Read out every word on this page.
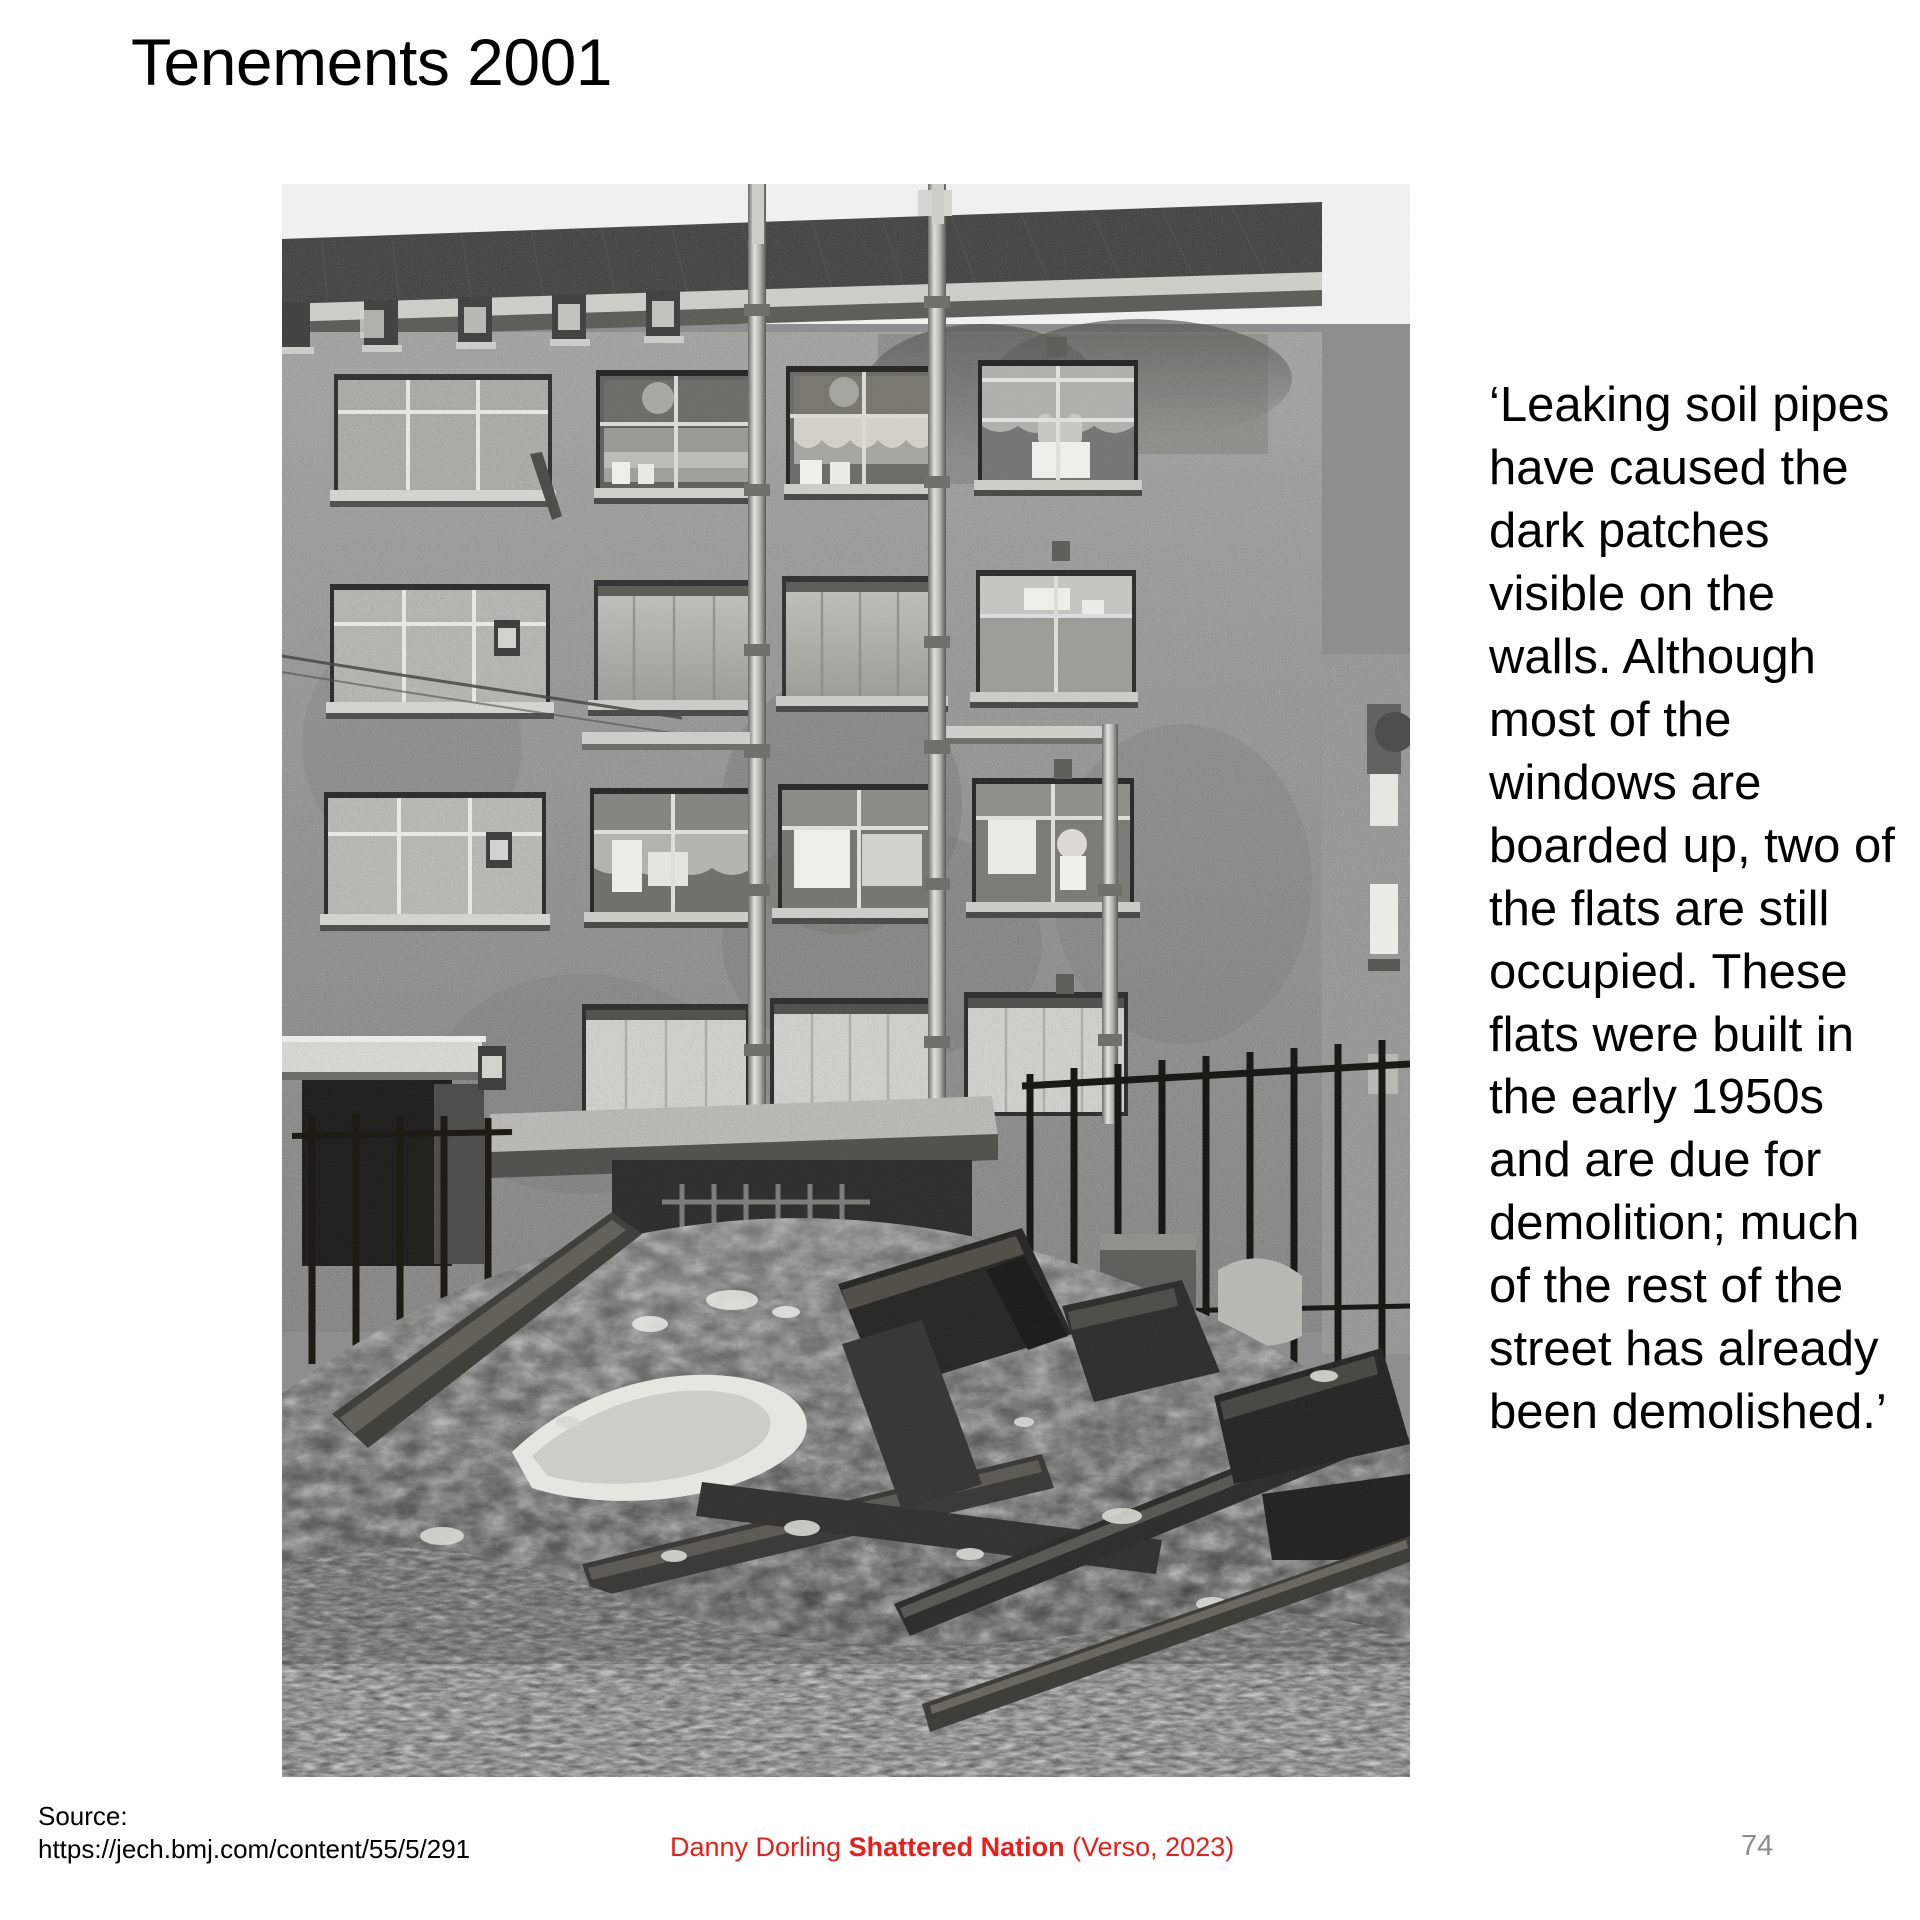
Tenements 2001
‘Leaking soil pipes have caused the dark patches visible on the walls. Although most of the windows are boarded up, two of the flats are still occupied. These flats were built in the early 1950s and are due for demolition; much of the rest of the street has already been demolished.’
Source:
https://jech.bmj.com/content/55/5/291	Danny Dorling Shattered Nation (Verso, 2023)	74
